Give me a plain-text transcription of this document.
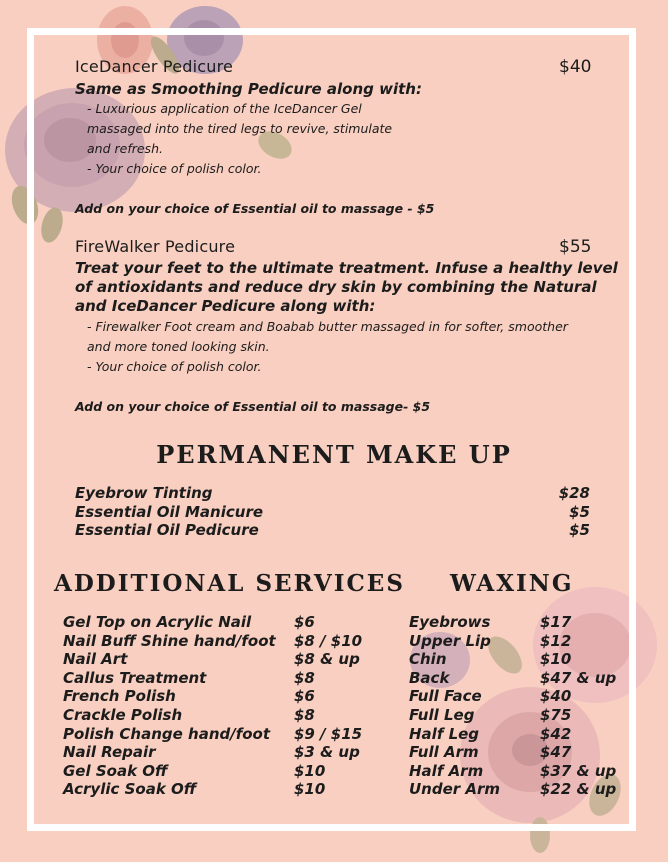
IceDancer Pedicure	$40
Same as Smoothing Pedicure along with:
- Luxurious application of the IceDancer Gel
massaged into the tired legs to revive, stimulate
and refresh.
- Your choice of polish color.
Add on your choice of Essential oil to massage - $5
FireWalker Pedicure	$55
Treat your feet to the ultimate treatment. Infuse a healthy level
of antioxidants and reduce dry skin by combining the Natural
and IceDancer Pedicure along with:
- Firewalker Foot cream and Boabab butter massaged in for softer, smoother
and more toned looking skin.
- Your choice of polish color.
Add on your choice of Essential oil to massage- $5
PERMANENT MAKE UP
Eyebrow Tinting	$28
Essential Oil Manicure	$5
Essential Oil Pedicure	$5
ADDITIONAL SERVICES
Gel Top on Acrylic Nail	$6
Nail Buff Shine hand/foot $8 / $10
Nail Art	$8 & up
Callus Treatment	$8
French Polish	$6
Crackle Polish	$8
Polish Change hand/foot $9 / $15
Nail Repair	$3 & up
Gel Soak Off	$10
Acrylic Soak Off	$10
WAXING
Eyebrows	$17
Upper Lip	$12
Chin	$10
Back	$47 & up
Full Face	$40
Full Leg	$75
Half Leg	$42
Full Arm	$47
Half Arm	$37 & up
Under Arm	$22 & up
